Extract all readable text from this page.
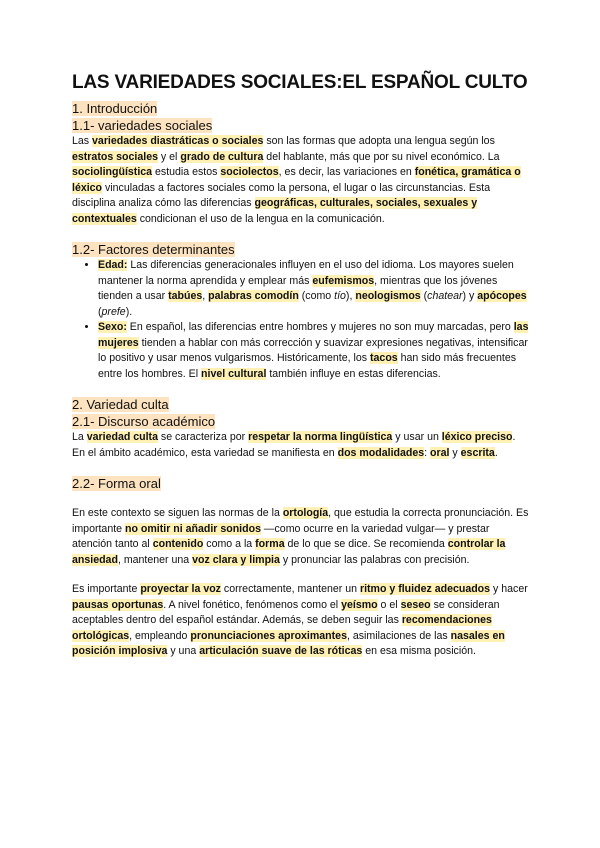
LAS VARIEDADES SOCIALES:EL ESPAÑOL CULTO
1. Introducción
1.1- variedades sociales

Las variedades diastráticas o sociales son las formas que adopta una lengua según los estratos sociales y el grado de cultura del hablante, más que por su nivel económico. La sociolingüística estudia estos sociolectos, es decir, las variaciones en fonética, gramática o léxico vinculadas a factores sociales como la persona, el lugar o las circunstancias. Esta disciplina analiza cómo las diferencias geográficas, culturales, sociales, sexuales y contextuales condicionan el uso de la lengua en la comunicación.

1.2- Factores determinantes
• Edad: Las diferencias generacionales influyen en el uso del idioma. Los mayores suelen mantener la norma aprendida y emplear más eufemismos, mientras que los jóvenes tienden a usar tabúes, palabras comodín (como tío), neologismos (chatear) y apócopes (prefe).
• Sexo: En español, las diferencias entre hombres y mujeres no son muy marcadas, pero las mujeres tienden a hablar con más corrección y suavizar expresiones negativas, intensificar lo positivo y usar menos vulgarismos. Históricamente, los tacos han sido más frecuentes entre los hombres. El nivel cultural también influye en estas diferencias.
2. Variedad culta
2.1- Discurso académico

La variedad culta se caracteriza por respetar la norma lingüística y usar un léxico preciso. En el ámbito académico, esta variedad se manifiesta en dos modalidades: oral y escrita.

2.2- Forma oral

En este contexto se siguen las normas de la ortología, que estudia la correcta pronunciación. Es importante no omitir ni añadir sonidos —como ocurre en la variedad vulgar— y prestar atención tanto al contenido como a la forma de lo que se dice. Se recomienda controlar la ansiedad, mantener una voz clara y limpia y pronunciar las palabras con precisión.

Es importante proyectar la voz correctamente, mantener un ritmo y fluidez adecuados y hacer pausas oportunas. A nivel fonético, fenómenos como el yeísmo o el seseo se consideran aceptables dentro del español estándar. Además, se deben seguir las recomendaciones ortológicas, empleando pronunciaciones aproximantes, asimilaciones de las nasales en posición implosiva y una articulación suave de las róticas en esa misma posición.
